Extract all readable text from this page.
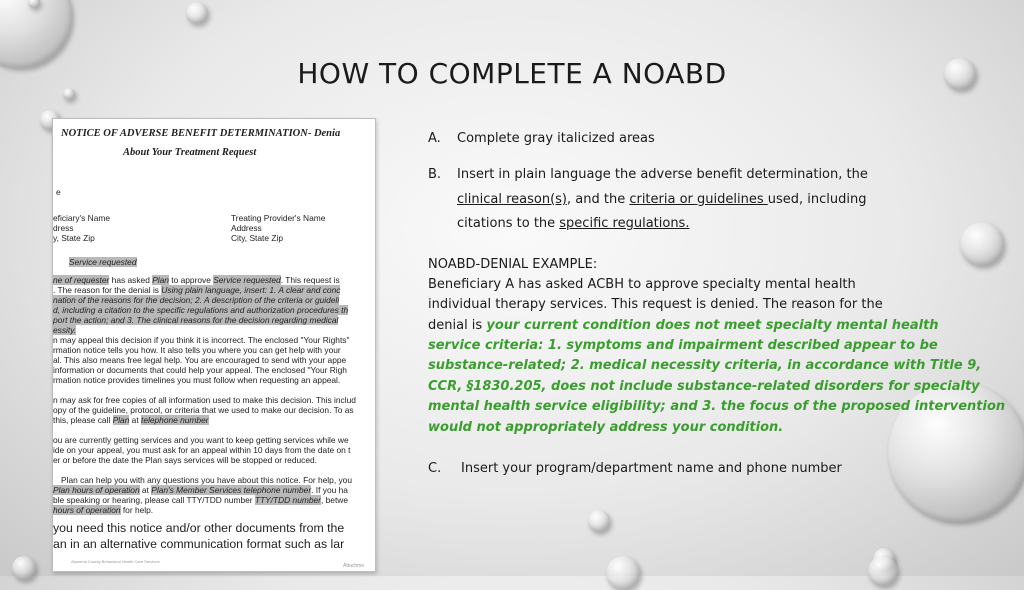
HOW TO COMPLETE A NOABD
NOTICE OF ADVERSE BENEFIT DETERMINATION- Denia
About Your Treatment Request
e
eficiary's Name
dress
y, State Zip
Treating Provider's Name
Address
City, State Zip
Service requested
ne of requester has asked Plan to approve Service requested. This request is
. The reason for the denial is Using plain language, insert: 1. A clear and conc
nation of the reasons for the decision; 2. A description of the criteria or guideli
d, including a citation to the specific regulations and authorization procedures th
port the action; and 3. The clinical reasons for the decision regarding medical
essity.
n may appeal this decision if you think it is incorrect. The enclosed "Your Rights"
rmation notice tells you how. It also tells you where you can get help with your
al. This also means free legal help. You are encouraged to send with your appe
information or documents that could help your appeal. The enclosed "Your Righ
rmation notice provides timelines you must follow when requesting an appeal.
n may ask for free copies of all information used to make this decision. This includ
opy of the guideline, protocol, or criteria that we used to make our decision. To as
this, please call Plan at telephone number
ou are currently getting services and you want to keep getting services while we
ide on your appeal, you must ask for an appeal within 10 days from the date on t
er or before the date the Plan says services will be stopped or reduced.
Plan can help you with any questions you have about this notice. For help, you
Plan hours of operation at Plan's Member Services telephone number. If you ha
ble speaking or hearing, please call TTY/TDD number TTY/TDD number, betwe
hours of operation for help.
you need this notice and/or other documents from the
an in an alternative communication format such as lar
Alameda County Behavioral Health Care Services
Attachme
A. Complete gray italicized areas
B. Insert in plain language the adverse benefit determination, the
clinical reason(s), and the criteria or guidelines used, including
citations to the specific regulations.
NOABD-DENIAL EXAMPLE:
Beneficiary A has asked ACBH to approve specialty mental health
individual therapy services. This request is denied. The reason for the
denial is your current condition does not meet specialty mental health
service criteria: 1. symptoms and impairment described appear to be
substance-related; 2. medical necessity criteria, in accordance with Title 9,
CCR, §1830.205, does not include substance-related disorders for specialty
mental health service eligibility; and 3. the focus of the proposed intervention
would not appropriately address your condition.
C. Insert your program/department name and phone number
